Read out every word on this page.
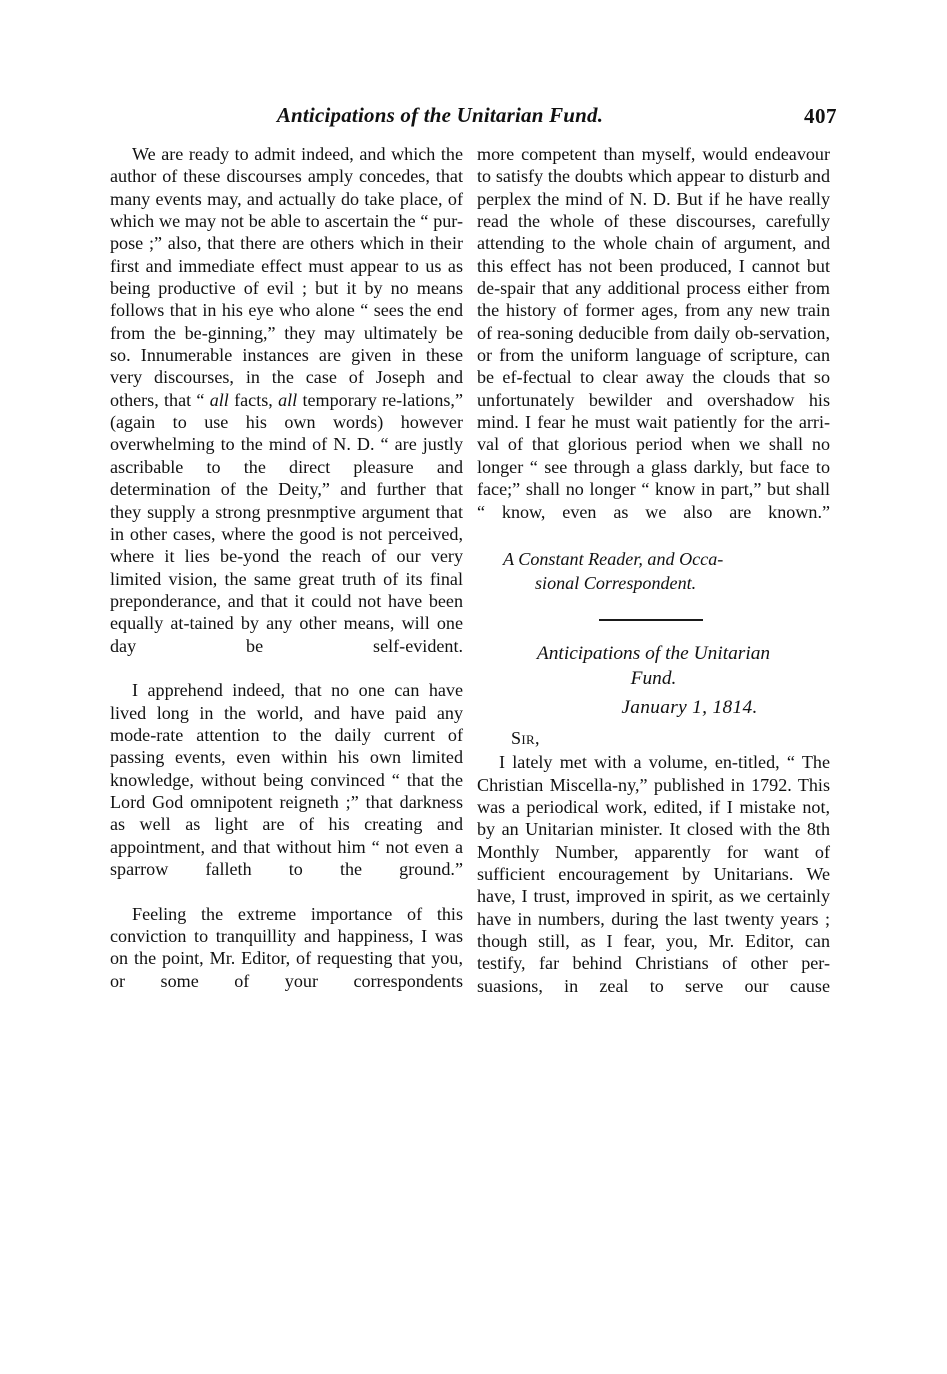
Anticipations of the Unitarian Fund.	407

We are ready to admit indeed, and which the author of these discourses amply concedes, that many events may, and actually do take place, of which we may not be able to ascertain the “ pur-pose ;” also, that there are others which in their first and immediate effect must appear to us as being productive of evil ; but it by no means follows that in his eye who alone “ sees the end from the be-ginning,” they may ultimately be so. Innumerable instances are given in these very discourses, in the case of Joseph and others, that “ all facts, all temporary re-lations,” (again to use his own words) however overwhelming to the mind of N. D. “ are justly ascribable to the direct pleasure and determination of the Deity,” and further that they supply a strong presnmptive argument that in other cases, where the good is not perceived, where it lies be-yond the reach of our very limited vision, the same great truth of its final preponderance, and that it could not have been equally at-tained by any other means, will one day be self-evident.

I apprehend indeed, that no one can have lived long in the world, and have paid any mode-rate attention to the daily current of passing events, even within his own limited knowledge, without being convinced “ that the Lord God omnipotent reigneth ;” that darkness as well as light are of his creating and appointment, and that without him “ not even a sparrow falleth to the ground.”

Feeling the extreme importance of this conviction to tranquillity and happiness, I was on the point, Mr. Editor, of requesting that you, or some of your correspondents

more competent than myself, would endeavour to satisfy the doubts which appear to disturb and perplex the mind of N. D. But if he have really read the whole of these discourses, carefully attending to the whole chain of argument, and this effect has not been produced, I cannot but de-spair that any additional process either from the history of former ages, from any new train of rea-soning deducible from daily ob-servation, or from the uniform language of scripture, can be ef-fectual to clear away the clouds that so unfortunately bewilder and overshadow his mind. I fear he must wait patiently for the arri-val of that glorious period when we shall no longer “ see through a glass darkly, but face to face;” shall no longer “ know in part,” but shall “ know, even as we also are known.”

A Constant Reader, and Occa-
sional Correspondent.
Anticipations of the Unitarian
Fund.
January 1, 1814.
Sir,

I lately met with a volume, en-titled, “ The Christian Miscella-ny,” published in 1792. This was a periodical work, edited, if I mistake not, by an Unitarian minister. It closed with the 8th Monthly Number, apparently for want of sufficient encouragement by Unitarians. We have, I trust, improved in spirit, as we certainly have in numbers, during the last twenty years ; though still, as I fear, you, Mr. Editor, can testify, far behind Christians of other per-suasions, in zeal to serve our cause
